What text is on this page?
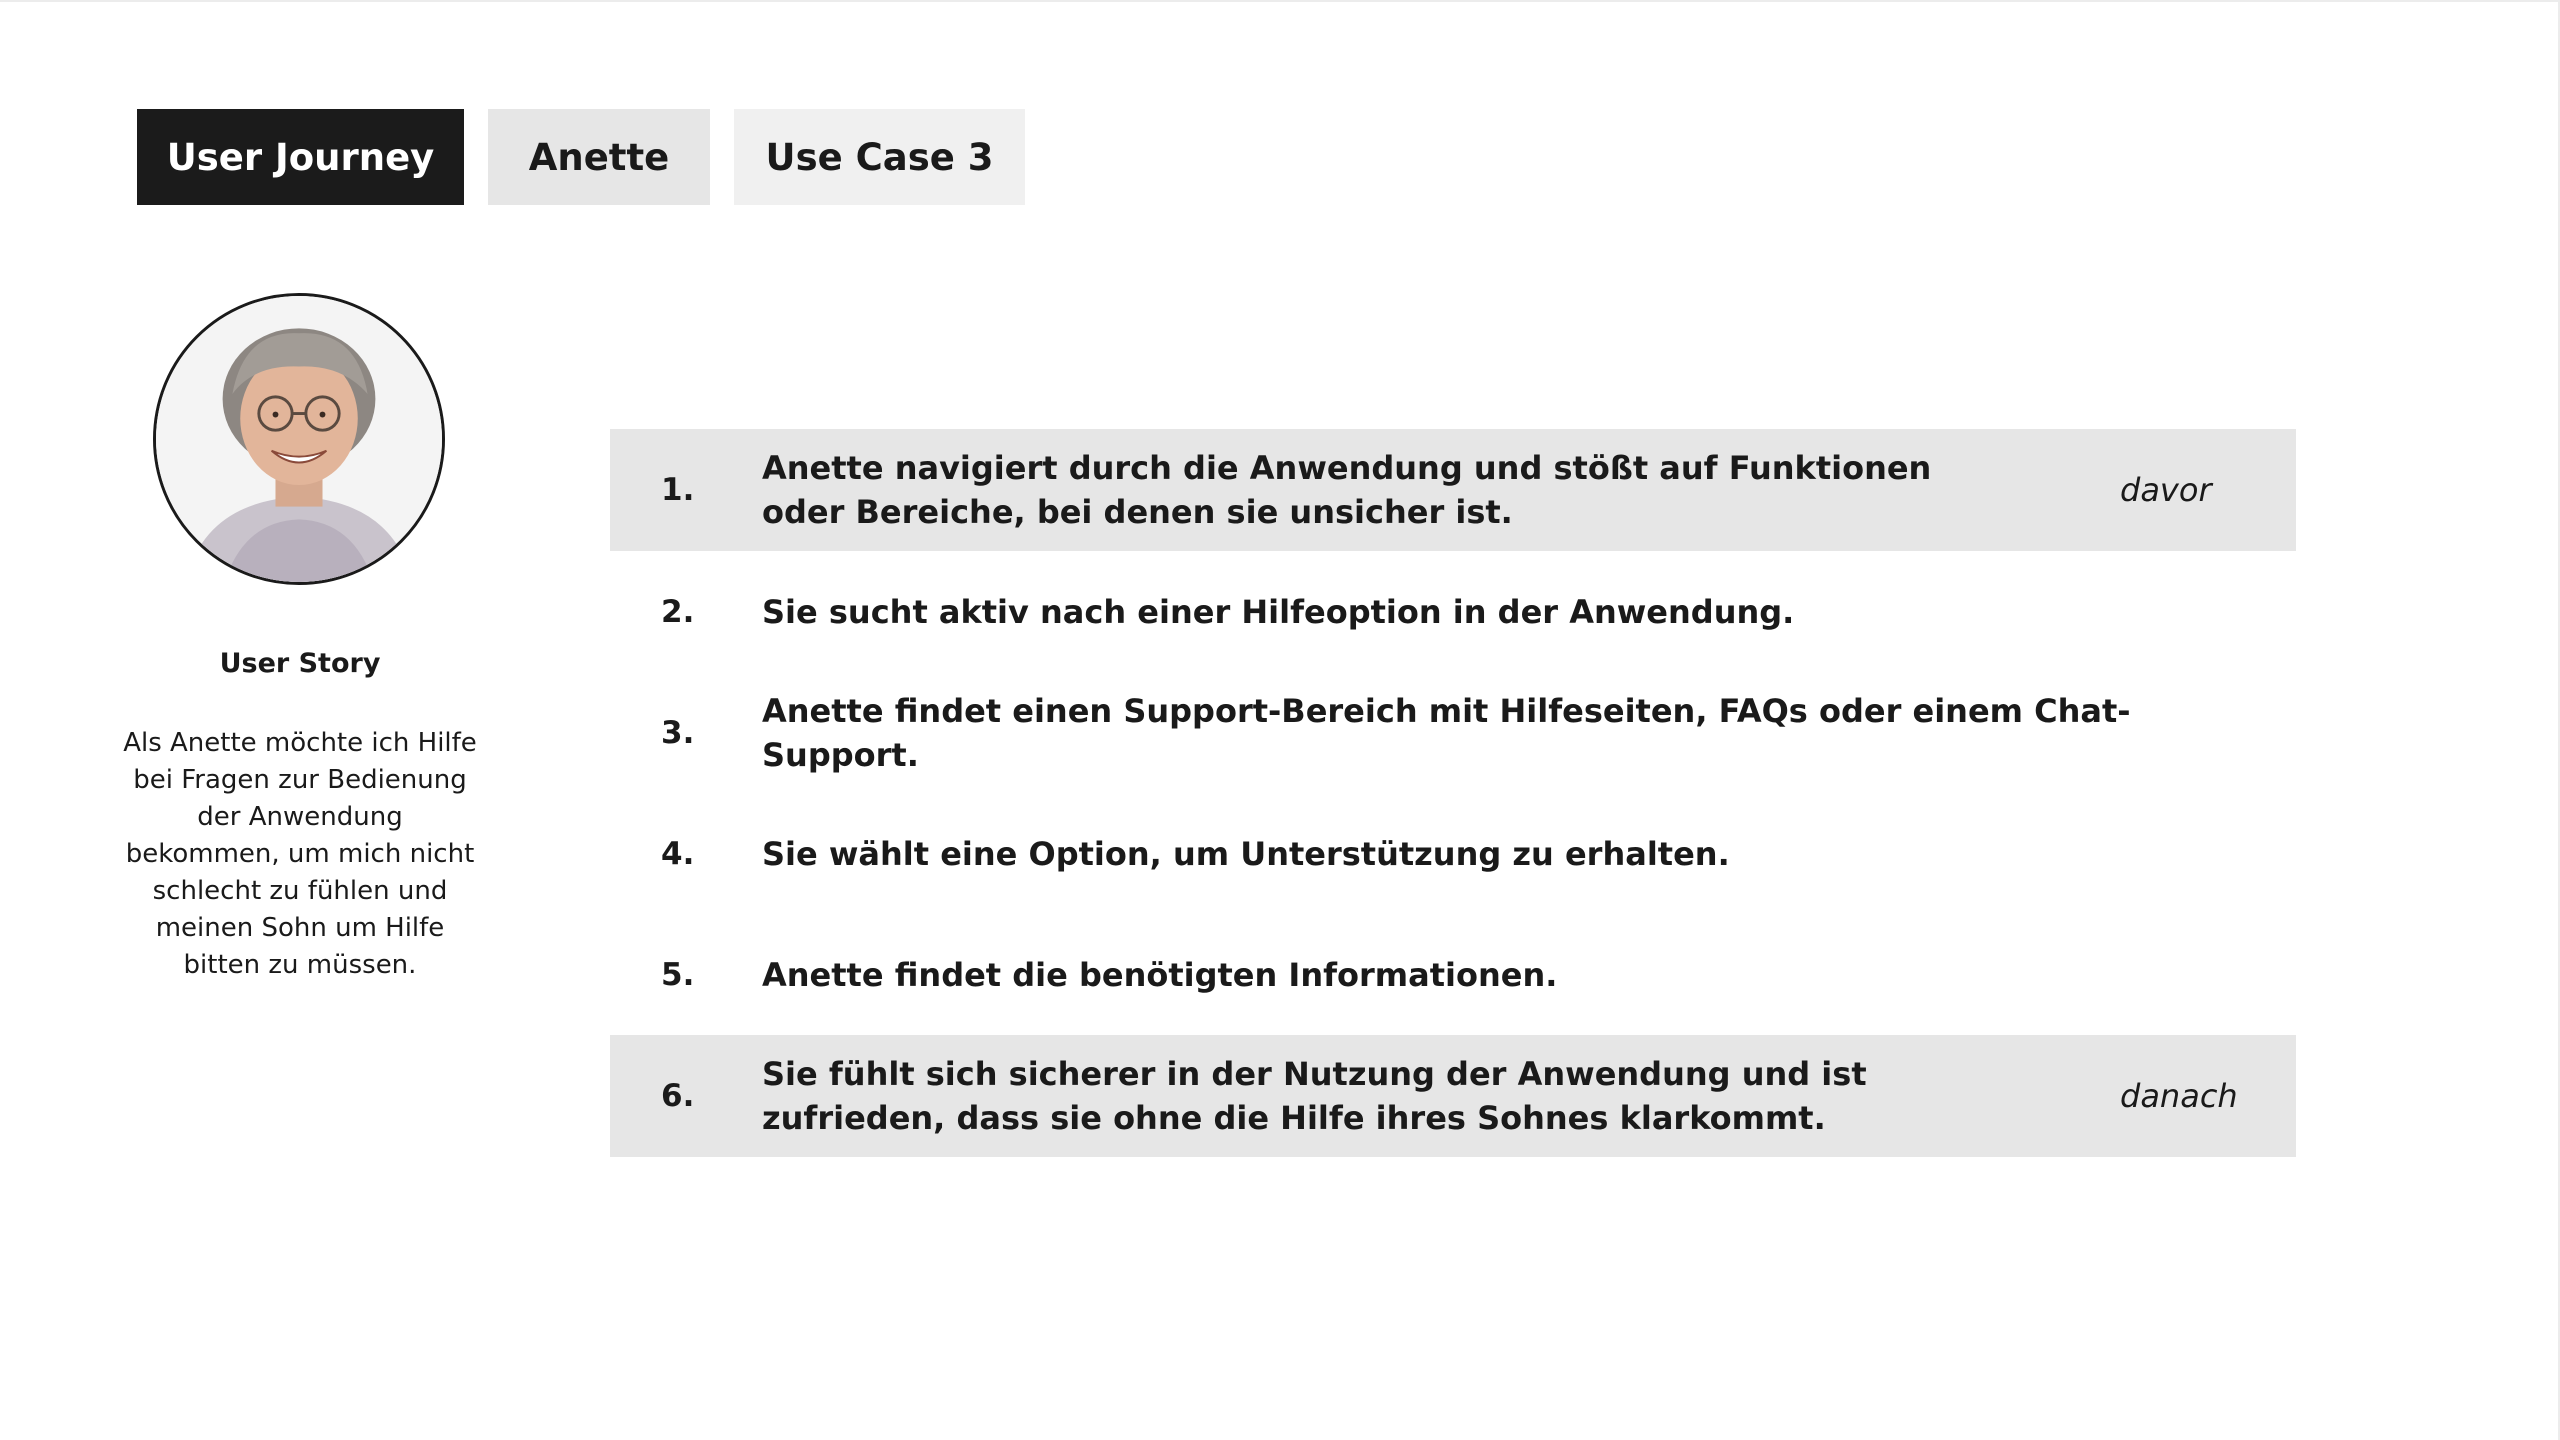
User Journey	Anette	Use Case 3
User Story
Als Anette möchte ich Hilfe bei Fragen zur Bedienung der Anwendung bekommen, um mich nicht schlecht zu fühlen und meinen Sohn um Hilfe bitten zu müssen.
1.
Anette navigiert durch die Anwendung und stößt auf Funktionen oder Bereiche, bei denen sie unsicher ist.
davor
2. Sie sucht aktiv nach einer Hilfeoption in der Anwendung.
3.
Anette findet einen Support-Bereich mit Hilfeseiten, FAQs oder einem Chat-Support.
4. Sie wählt eine Option, um Unterstützung zu erhalten.
5. Anette findet die benötigten Informationen.
6.
Sie fühlt sich sicherer in der Nutzung der Anwendung und ist zufrieden, dass sie ohne die Hilfe ihres Sohnes klarkommt.
danach
